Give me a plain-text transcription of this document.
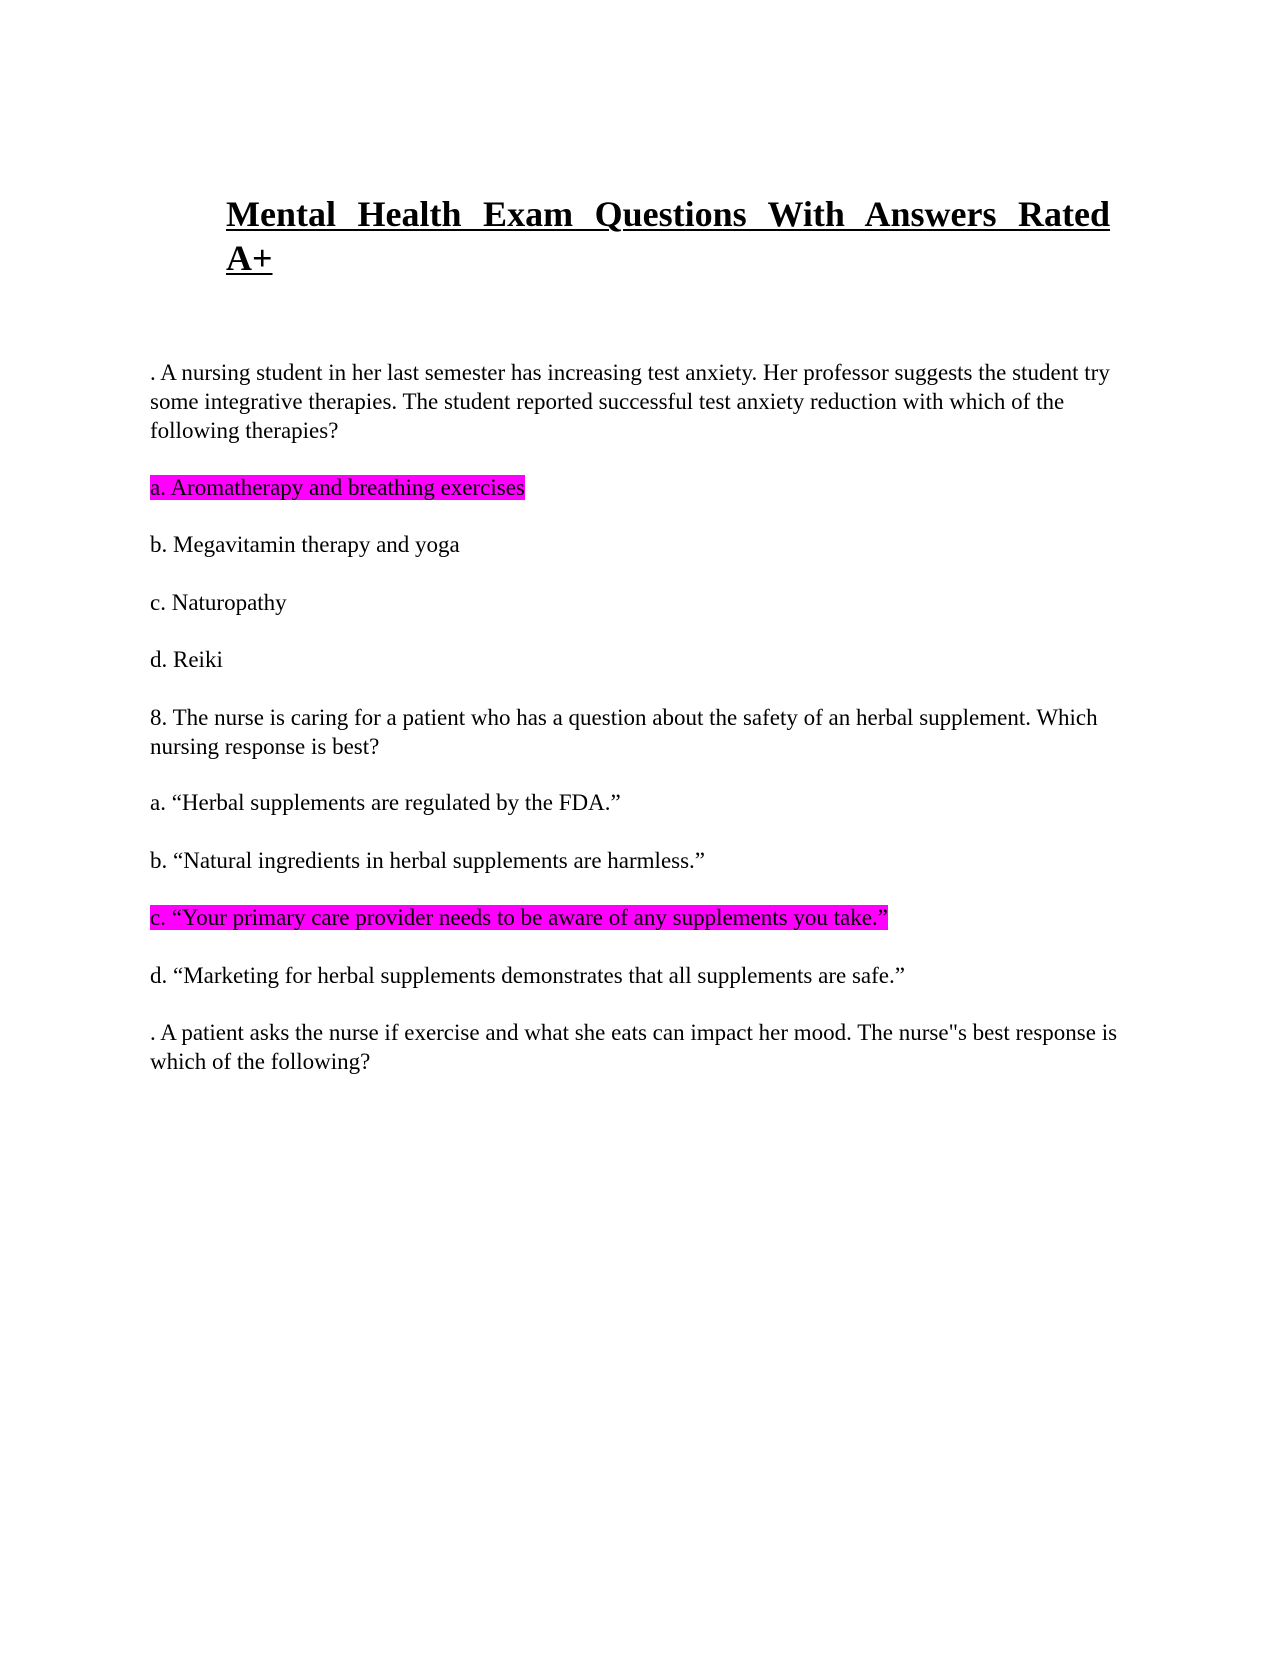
Mental Health Exam Questions With Answers Rated A+

. A nursing student in her last semester has increasing test anxiety. Her professor suggests the student try some integrative therapies. The student reported successful test anxiety reduction with which of the following therapies?

a. Aromatherapy and breathing exercises

b. Megavitamin therapy and yoga

c. Naturopathy

d. Reiki

8. The nurse is caring for a patient who has a question about the safety of an herbal supplement. Which nursing response is best?

a. “Herbal supplements are regulated by the FDA.”

b. “Natural ingredients in herbal supplements are harmless.”

c. “Your primary care provider needs to be aware of any supplements you take.”

d. “Marketing for herbal supplements demonstrates that all supplements are safe.”

. A patient asks the nurse if exercise and what she eats can impact her mood. The nurse"s best response is which of the following?
